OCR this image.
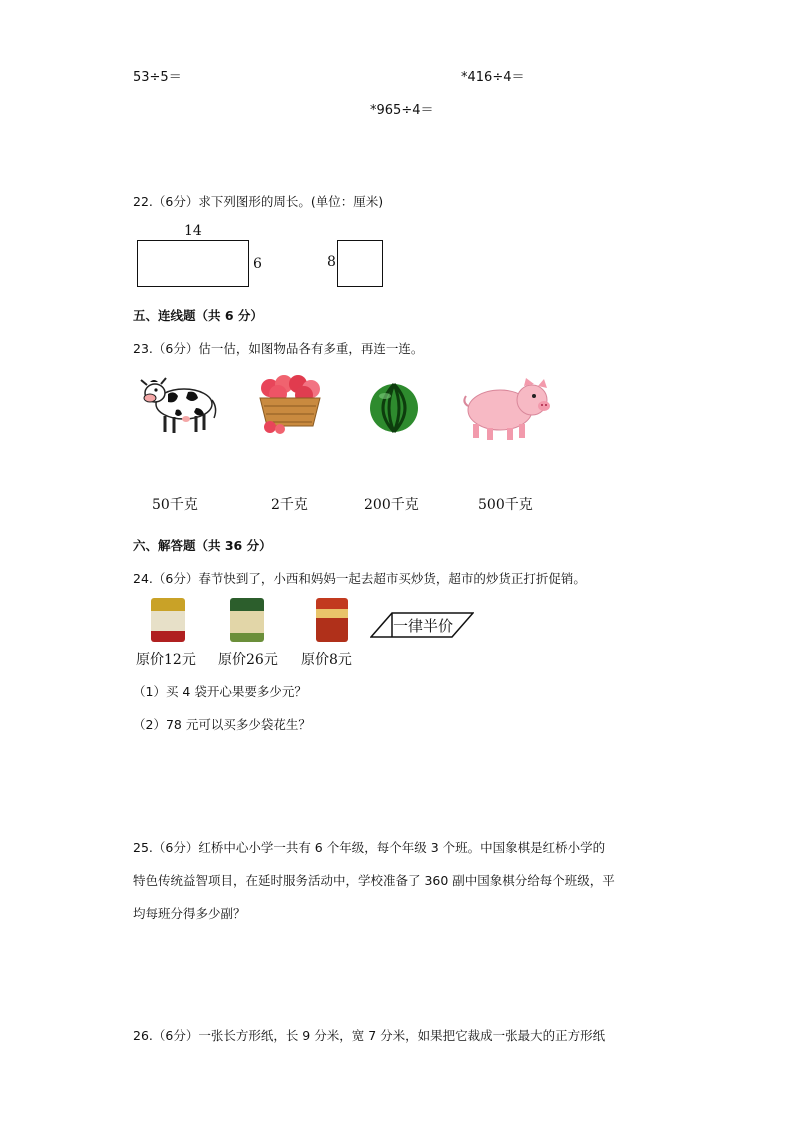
53÷5＝	*416÷4＝
*965÷4＝
22.（6分）求下列图形的周长。(单位：厘米)
14
6	8
五、连线题（共 6 分）
23.（6分）估一估，如图物品各有多重，再连一连。
50千克	2千克	200千克	500千克
六、解答题（共 36 分）
24.（6分）春节快到了，小西和妈妈一起去超市买炒货，超市的炒货正打折促销。
一律半价
原价12元 原价26元 原价8元
（1）买 4 袋开心果要多少元？
（2）78 元可以买多少袋花生？
25.（6分）红桥中心小学一共有 6 个年级，每个年级 3 个班。中国象棋是红桥小学的
特色传统益智项目，在延时服务活动中，学校准备了 360 副中国象棋分给每个班级，平
均每班分得多少副？
26.（6分）一张长方形纸，长 9 分米，宽 7 分米，如果把它裁成一张最大的正方形纸
